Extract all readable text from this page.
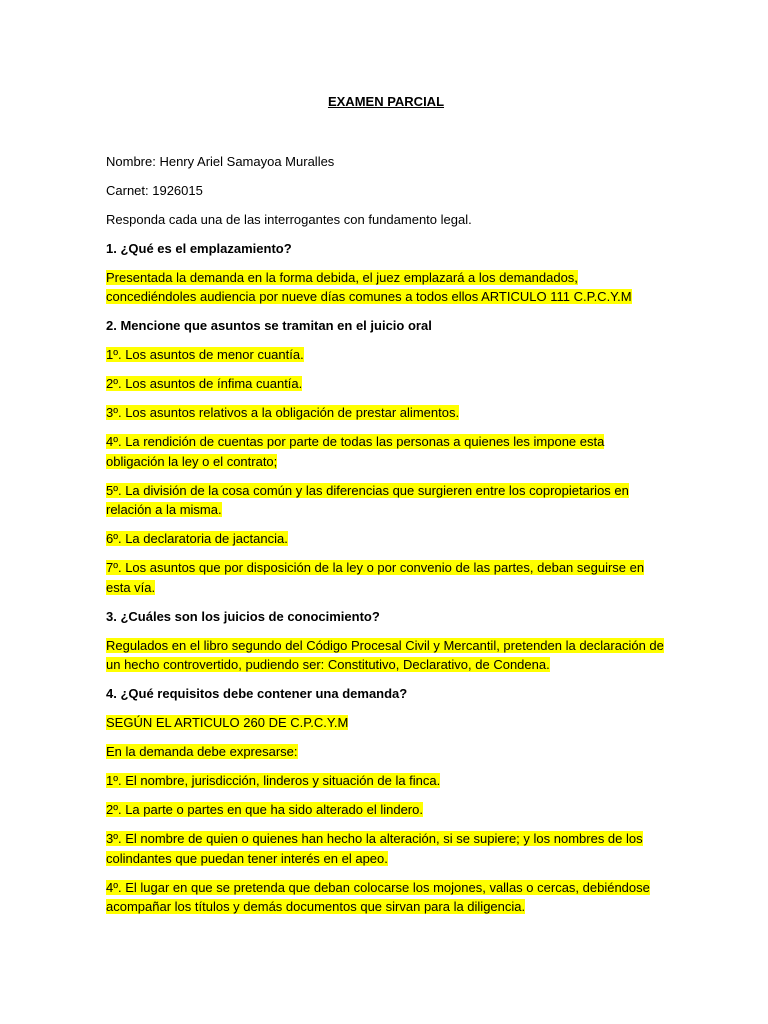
EXAMEN PARCIAL
Nombre: Henry Ariel Samayoa Muralles
Carnet: 1926015
Responda cada una de las interrogantes con fundamento legal.
1. ¿Qué es el emplazamiento?
Presentada la demanda en la forma debida, el juez emplazará a los demandados, concediéndoles audiencia por nueve días comunes a todos ellos ARTICULO 111 C.P.C.Y.M
2. Mencione que asuntos se tramitan en el juicio oral
1º. Los asuntos de menor cuantía.
2º. Los asuntos de ínfima cuantía.
3º. Los asuntos relativos a la obligación de prestar alimentos.
4º. La rendición de cuentas por parte de todas las personas a quienes les impone esta obligación la ley o el contrato;
5º. La división de la cosa común y las diferencias que surgieren entre los copropietarios en relación a la misma.
6º. La declaratoria de jactancia.
7º. Los asuntos que por disposición de la ley o por convenio de las partes, deban seguirse en esta vía.
3. ¿Cuáles son los juicios de conocimiento?
Regulados en el libro segundo del Código Procesal Civil y Mercantil, pretenden la declaración de un hecho controvertido, pudiendo ser: Constitutivo, Declarativo, de Condena.
4. ¿Qué requisitos debe contener una demanda?
SEGÚN EL ARTICULO 260 DE C.P.C.Y.M
En la demanda debe expresarse:
1º. El nombre, jurisdicción, linderos y situación de la finca.
2º. La parte o partes en que ha sido alterado el lindero.
3º. El nombre de quien o quienes han hecho la alteración, si se supiere; y los nombres de los colindantes que puedan tener interés en el apeo.
4º. El lugar en que se pretenda que deban colocarse los mojones, vallas o cercas, debiéndose acompañar los títulos y demás documentos que sirvan para la diligencia.
